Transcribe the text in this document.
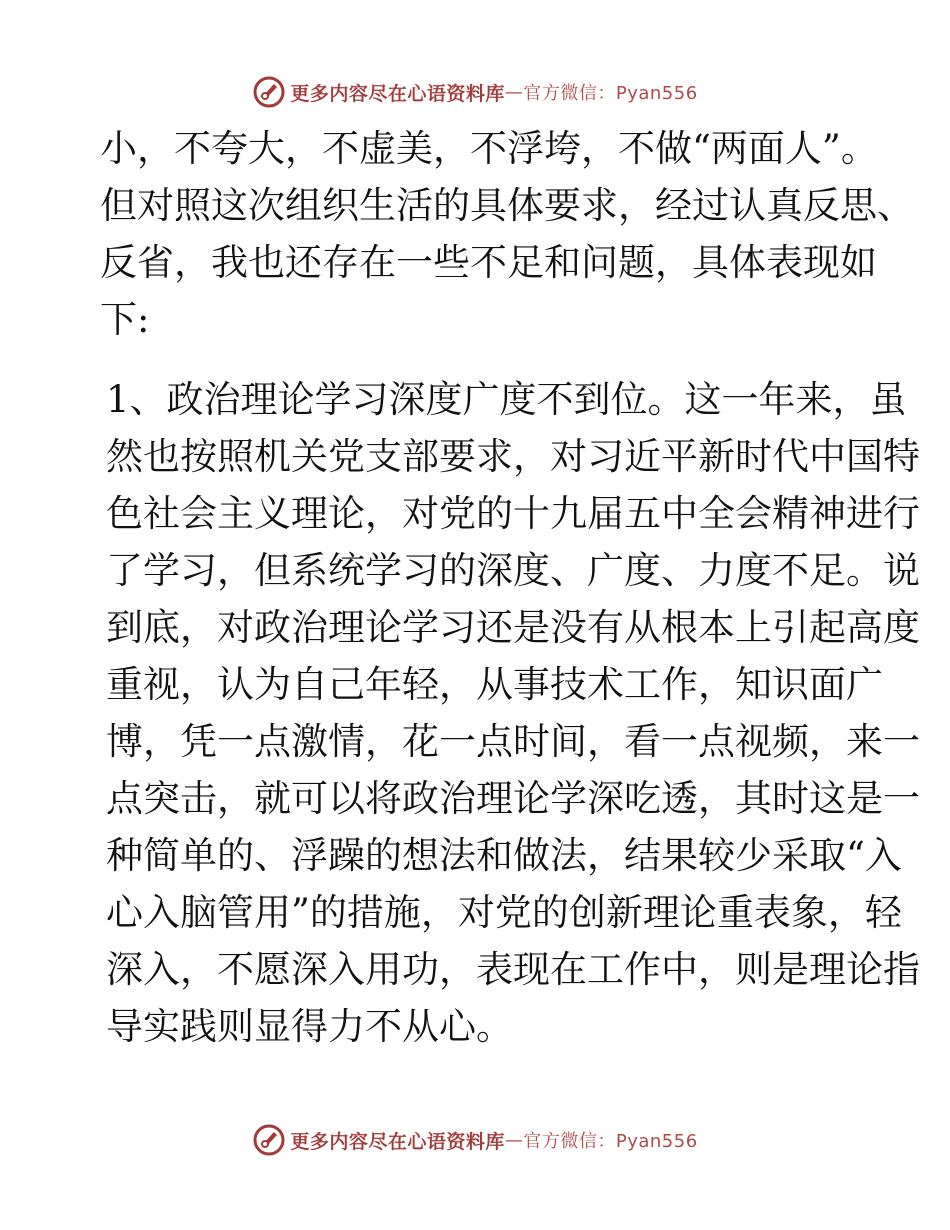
更多内容尽在心语资料库 — 官方微信：Pyan556
小，不夸大，不虚美，不浮垮，不做“两面人”。
但对照这次组织生活的具体要求，经过认真反思、
反省，我也还存在一些不足和问题，具体表现如
下:
1、政治理论学习深度广度不到位。这一年来，虽
然也按照机关党支部要求，对习近平新时代中国特
色社会主义理论，对党的十九届五中全会精神进行
了学习，但系统学习的深度、广度、力度不足。说
到底，对政治理论学习还是没有从根本上引起高度
重视，认为自己年轻，从事技术工作，知识面广
博，凭一点激情，花一点时间，看一点视频，来一
点突击，就可以将政治理论学深吃透，其时这是一
种简单的、浮躁的想法和做法，结果较少采取“入
心入脑管用”的措施，对党的创新理论重表象，轻
深入，不愿深入用功，表现在工作中，则是理论指
导实践则显得力不从心。
更多内容尽在心语资料库 — 官方微信：Pyan556
